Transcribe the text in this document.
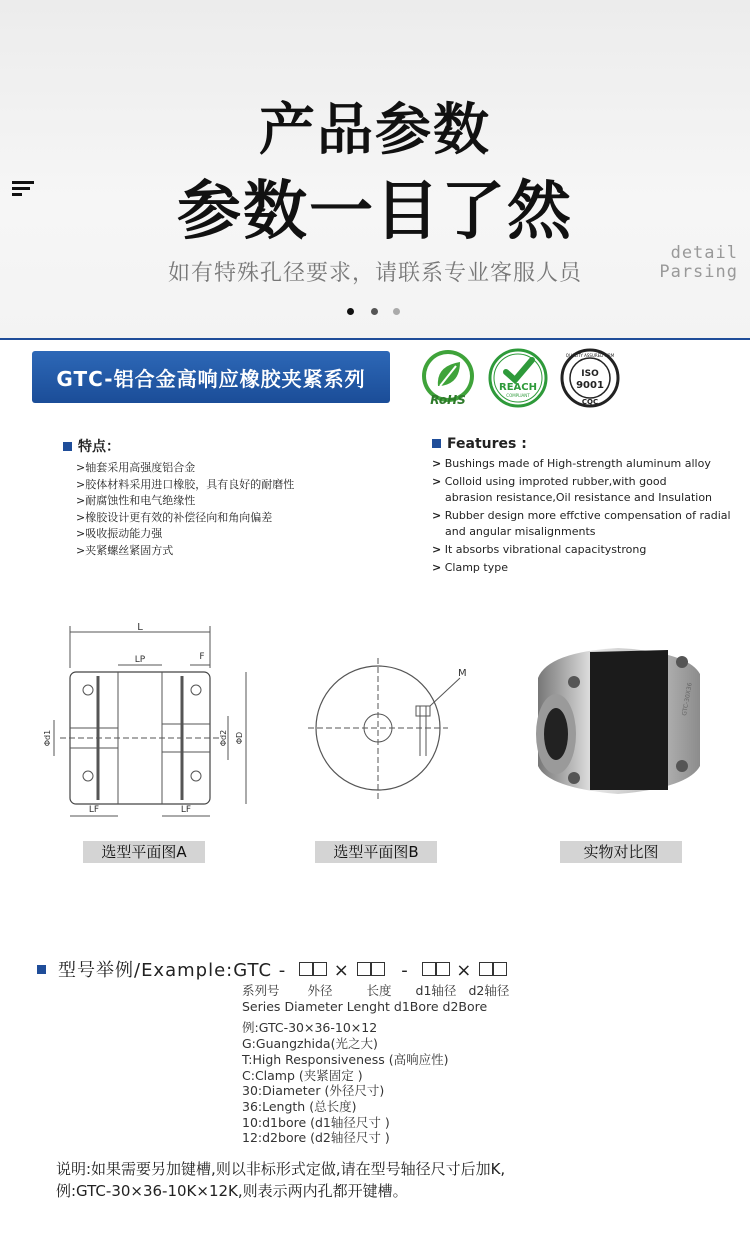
产品参数
参数一目了然
如有特殊孔径要求，请联系专业客服人员
detail
Parsing
GTC-铝合金高响应橡胶夹紧系列
RoHS
REACH
COMPLIANT
QUALITY ASSURED FIRM
ISO
9001
CQC
特点：
>轴套采用高强度铝合金
>胶体材料采用进口橡胶，具有良好的耐磨性
>耐腐蚀性和电气绝缘性
>橡胶设计更有效的补偿径向和角向偏差
>吸收振动能力强
>夹紧螺丝紧固方式
Features :
> Bushings made of High-strength aluminum alloy
> Colloid using improted rubber,with good
abrasion resistance,Oil resistance and Insulation
> Rubber design more effctive compensation of radial
and angular misalignments
> It absorbs vibrational capacitystrong
> Clamp type
L
LP	F
Φd1	Φd2 ΦD
LF	LF
M
GTC-30X36
选型平面图A	选型平面图B	实物对比图
型号举例/Example:GTC -	×	-	×
系列号 外径	长度 d1轴径 d2轴径
Series Diameter Lenght d1Bore d2Bore
例:GTC-30×36-10×12
G:Guangzhida(光之大)
T:High Responsiveness (高响应性)
C:Clamp (夹紧固定 )
30:Diameter (外径尺寸)
36:Length (总长度)
10:d1bore (d1轴径尺寸 )
12:d2bore (d2轴径尺寸 )
说明:如果需要另加键槽,则以非标形式定做,请在型号轴径尺寸后加K,
例:GTC-30×36-10K×12K,则表示两内孔都开键槽。
